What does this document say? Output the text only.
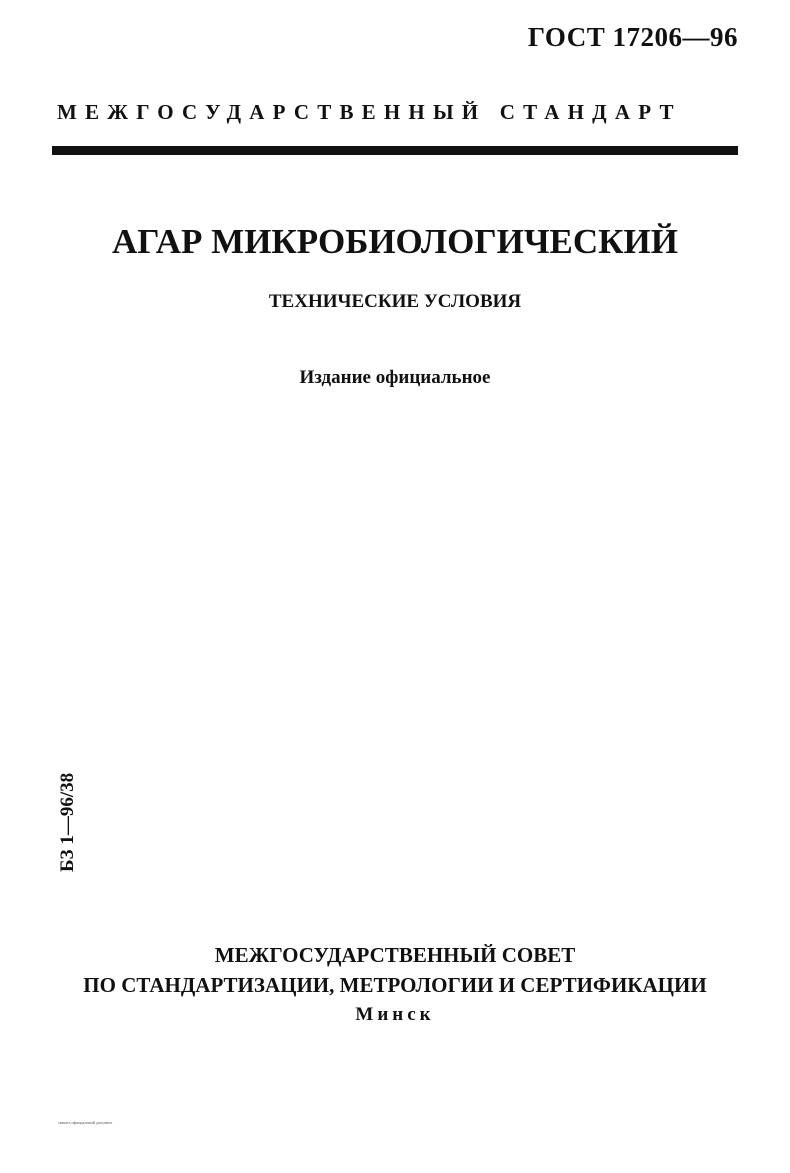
ГОСТ 17206—96
МЕЖГОСУДАРСТВЕННЫЙ СТАНДАРТ
АГАР МИКРОБИОЛОГИЧЕСКИЙ
ТЕХНИЧЕСКИЕ УСЛОВИЯ
Издание официальное
БЗ 1—96/38
МЕЖГОСУДАРСТВЕННЫЙ СОВЕТ
ПО СТАНДАРТИЗАЦИИ, МЕТРОЛОГИИ И СЕРТИФИКАЦИИ
Минск
скачать официальный документ
